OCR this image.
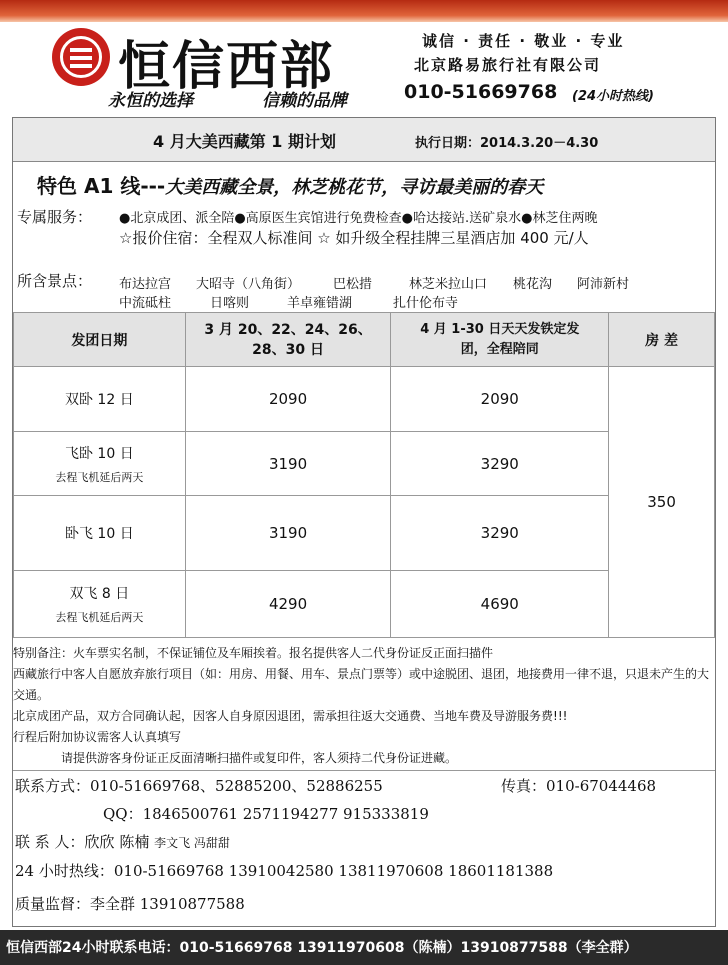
恒信西部
永恒的选择	信赖的品牌
诚信 · 责任 · 敬业 · 专业
北京路易旅行社有限公司
010-51669768 (24小时热线)
4 月大美西藏第 1 期计划	执行日期：2014.3.20－4.30
特色 A1 线---大美西藏全景，林芝桃花节，寻访最美丽的春天
专属服务： ●北京成团、派全陪●高原医生宾馆进行免费检查●哈达接站.送矿泉水●林芝住两晚
☆报价住宿：全程双人标准间 ☆ 如升级全程挂牌三星酒店加 400 元/人
所含景点： 布达拉宫 大昭寺（八角街）	巴松措	林芝米拉山口 桃花沟 阿沛新村
中流砥柱	日喀则	羊卓雍错湖	扎什伦布寺
发团日期	3 月 20、22、24、26、28、30 日	4 月 1-30 日天天发铁定发团，全程陪同	房 差
双卧 12 日	2090	2090	350
飞卧 10 日
去程飞机延后两天	3190	3290	
卧飞 10 日	3190	3290	
双飞 8 日
去程飞机延后两天	4290	4690	

特别备注：火车票实名制，不保证铺位及车厢挨着。报名提供客人二代身份证反正面扫描件

西藏旅行中客人自愿放弃旅行项目（如：用房、用餐、用车、景点门票等）或中途脱团、退团，地接费用一律不退，只退未产生的大交通。

北京成团产品，双方合同确认起，因客人自身原因退团，需承担往返大交通费、当地车费及导游服务费!!!

行程后附加协议需客人认真填写

请提供游客身份证正反面清晰扫描件或复印件，客人须持二代身份证进藏。

联系方式：010-51669768、52885200、52886255	传真：010-67044468
QQ：1846500761 2571194277 915333819
联 系 人：欣欣 陈楠 李文飞 冯甜甜
24 小时热线：010-51669768 13910042580 13811970608 18601181388
质量监督：李全群 13910877588
恒信西部24小时联系电话：010-51669768 13911970608（陈楠）13910877588（李全群）
